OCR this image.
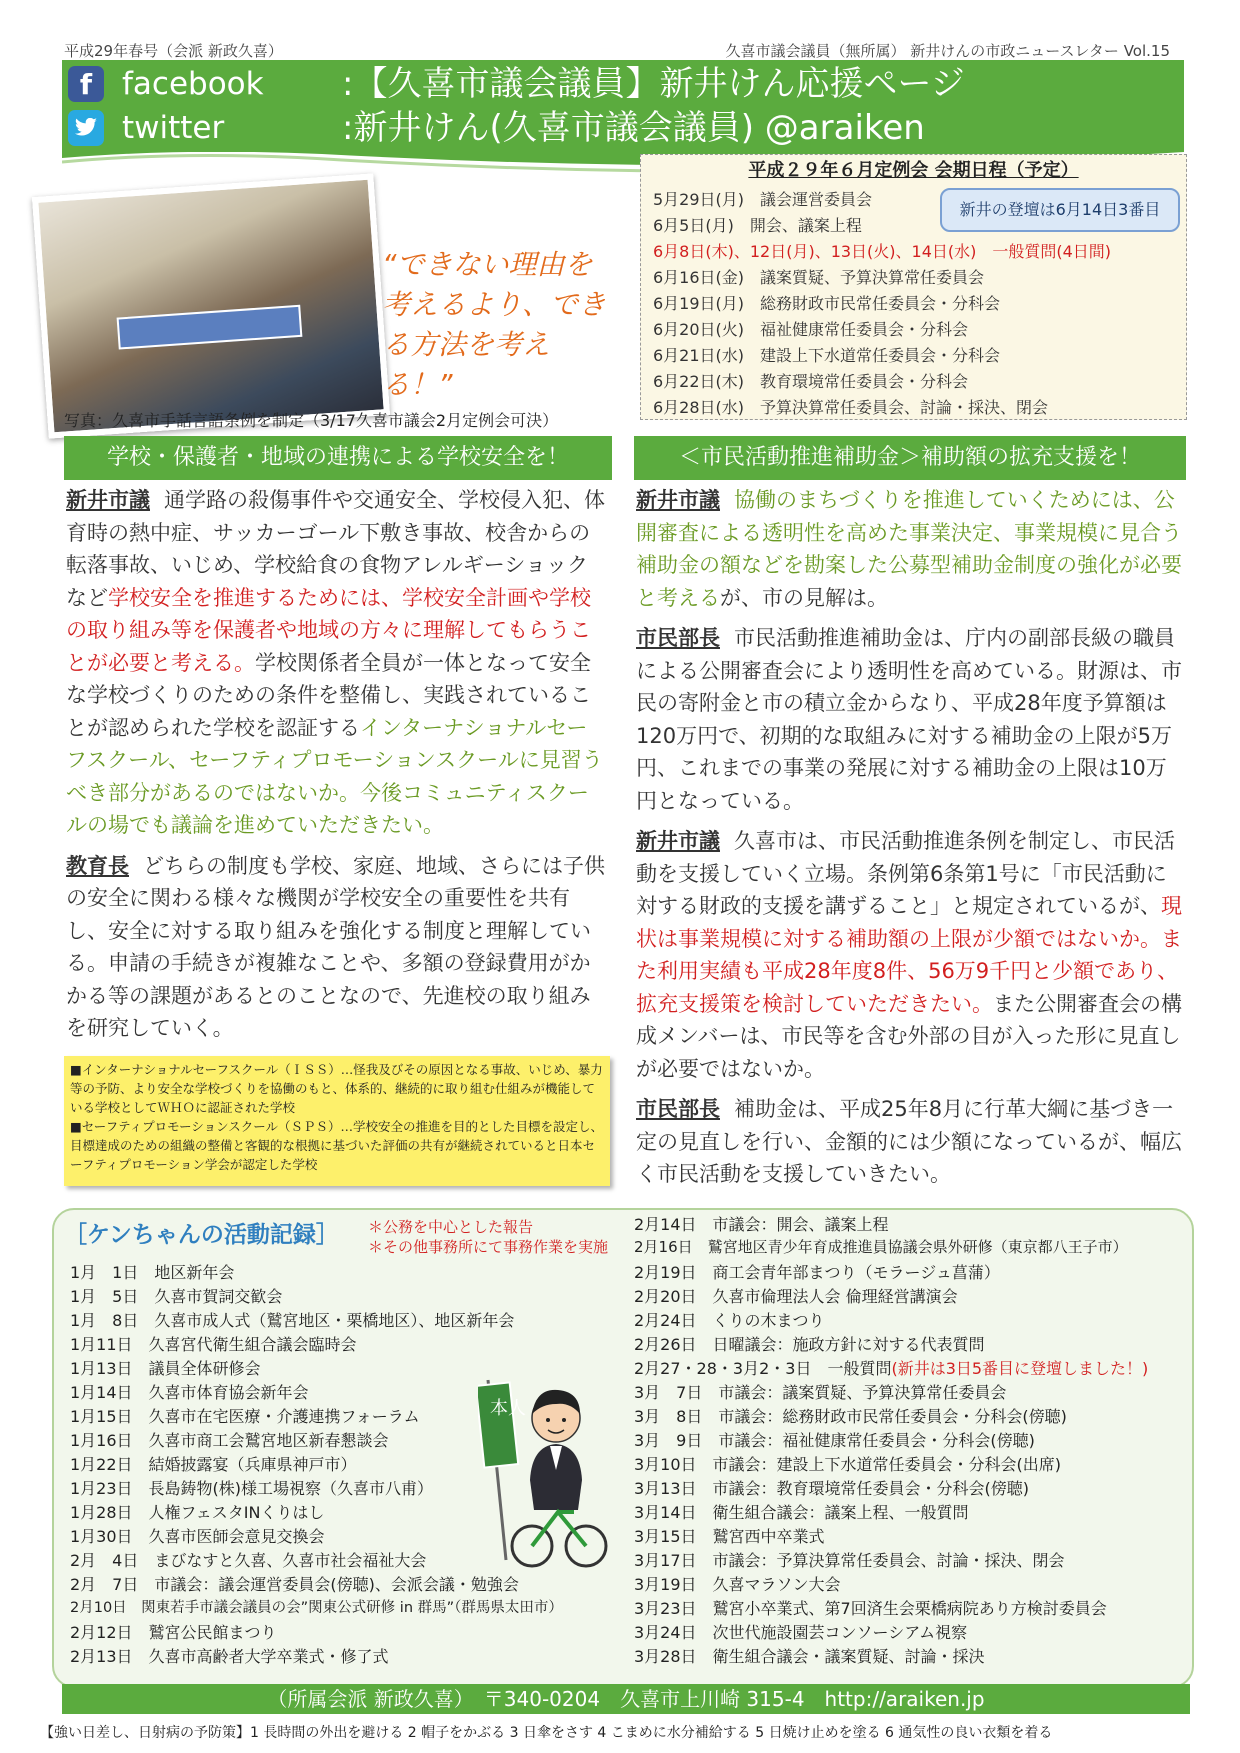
平成29年春号（会派 新政久喜）	久喜市議会議員（無所属） 新井けんの市政ニュースレター Vol.15
f facebook :【久喜市議会議員】新井けん応援ページ
twitter	:新井けん(久喜市議会議員) @araiken
“できない理由を考えるより、できる方法を考える！”
写真：久喜市手話言語条例を制定（3/17久喜市議会2月定例会可決）
平成２９年６月定例会 会期日程（予定）
5月29日(月)　議会運営委員会
6月5日(月)　開会、議案上程
6月8日(木)、12日(月)、13日(火)、14日(水)　一般質問(4日間)
6月16日(金)　議案質疑、予算決算常任委員会
6月19日(月)　総務財政市民常任委員会・分科会
6月20日(火)　福祉健康常任委員会・分科会
6月21日(水)　建設上下水道常任委員会・分科会
6月22日(木)　教育環境常任委員会・分科会
6月28日(水)　予算決算常任委員会、討論・採決、閉会
新井の登壇は6月14日3番目
学校・保護者・地域の連携による学校安全を！	＜市民活動推進補助金＞補助額の拡充支援を！

新井市議 通学路の殺傷事件や交通安全、学校侵入犯、体育時の熱中症、サッカーゴール下敷き事故、校舎からの転落事故、いじめ、学校給食の食物アレルギーショックなど学校安全を推進するためには、学校安全計画や学校の取り組み等を保護者や地域の方々に理解してもらうことが必要と考える。学校関係者全員が一体となって安全な学校づくりのための条件を整備し、実践されていることが認められた学校を認証するインターナショナルセーフスクール、セーフティプロモーションスクールに見習うべき部分があるのではないか。今後コミュニティスクールの場でも議論を進めていただきたい。

教育長 どちらの制度も学校、家庭、地域、さらには子供の安全に関わる様々な機関が学校安全の重要性を共有し、安全に対する取り組みを強化する制度と理解している。申請の手続きが複雑なことや、多額の登録費用がかかる等の課題があるとのことなので、先進校の取り組みを研究していく。

■インターナショナルセーフスクール（ＩＳＳ）…怪我及びその原因となる事故、いじめ、暴力等の予防、より安全な学校づくりを協働のもと、体系的、継続的に取り組む仕組みが機能している学校としてＷＨＯに認証された学校
■セーフティプロモーションスクール（ＳＰＳ）…学校安全の推進を目的とした目標を設定し、目標達成のための組織の整備と客観的な根拠に基づいた評価の共有が継続されていると日本セーフティプロモーション学会が認定した学校

新井市議 協働のまちづくりを推進していくためには、公開審査による透明性を高めた事業決定、事業規模に見合う補助金の額などを勘案した公募型補助金制度の強化が必要と考えるが、市の見解は。

市民部長 市民活動推進補助金は、庁内の副部長級の職員による公開審査会により透明性を高めている。財源は、市民の寄附金と市の積立金からなり、平成28年度予算額は120万円で、初期的な取組みに対する補助金の上限が5万円、これまでの事業の発展に対する補助金の上限は10万円となっている。

新井市議 久喜市は、市民活動推進条例を制定し、市民活動を支援していく立場。条例第6条第1号に「市民活動に対する財政的支援を講ずること」と規定されているが、現状は事業規模に対する補助額の上限が少額ではないか。また利用実績も平成28年度8件、56万9千円と少額であり、拡充支援策を検討していただきたい。また公開審査会の構成メンバーは、市民等を含む外部の目が入った形に見直しが必要ではないか。

市民部長 補助金は、平成25年8月に行革大綱に基づき一定の見直しを行い、金額的には少額になっているが、幅広く市民活動を支援していきたい。

［ケンちゃんの活動記録］ ＊公務を中心とした報告
＊その他事務所にて事務作業を実施
1月　1日　地区新年会
1月　5日　久喜市賀詞交歓会
1月　8日　久喜市成人式（鷲宮地区・栗橋地区）、地区新年会
1月11日　久喜宮代衛生組合議会臨時会
1月13日　議員全体研修会
1月14日　久喜市体育協会新年会
1月15日　久喜市在宅医療・介護連携フォーラム
1月16日　久喜市商工会鷲宮地区新春懇談会
1月22日　結婚披露宴（兵庫県神戸市）
1月23日　長島鋳物(株)様工場視察（久喜市八甫）
1月28日　人権フェスタINくりはし
1月30日　久喜市医師会意見交換会
2月　4日　まびなすと久喜、久喜市社会福祉大会
2月　7日　市議会：議会運営委員会(傍聴)、会派会議・勉強会
2月10日　関東若手市議会議員の会”関東公式研修 in 群馬”（群馬県太田市）
2月12日　鷲宮公民館まつり
2月13日　久喜市高齢者大学卒業式・修了式
2月14日　市議会：開会、議案上程
2月16日　鷲宮地区青少年育成推進員協議会県外研修（東京都八王子市）
2月19日　商工会青年部まつり（モラージュ菖蒲）
2月20日　久喜市倫理法人会 倫理経営講演会
2月24日　くりの木まつり
2月26日　日曜議会：施政方針に対する代表質問
2月27・28・3月2・3日　一般質問(新井は3日5番目に登壇しました！)
3月　7日　市議会：議案質疑、予算決算常任委員会
3月　8日　市議会：総務財政市民常任委員会・分科会(傍聴)
3月　9日　市議会：福祉健康常任委員会・分科会(傍聴)
3月10日　市議会：建設上下水道常任委員会・分科会(出席)
3月13日　市議会：教育環境常任委員会・分科会(傍聴)
3月14日　衛生組合議会：議案上程、一般質問
3月15日　鷲宮西中卒業式
3月17日　市議会：予算決算常任委員会、討論・採決、閉会
3月19日　久喜マラソン大会
3月23日　鷲宮小卒業式、第7回済生会栗橋病院あり方検討委員会
3月24日　次世代施設園芸コンソーシアム視察
3月28日　衛生組合議会・議案質疑、討論・採決
本人
（所属会派 新政久喜）　〒340-0204　久喜市上川崎 315-4　http://araiken.jp
【強い日差し、日射病の予防策】1 長時間の外出を避ける 2 帽子をかぶる 3 日傘をさす 4 こまめに水分補給する 5 日焼け止めを塗る 6 通気性の良い衣類を着る
